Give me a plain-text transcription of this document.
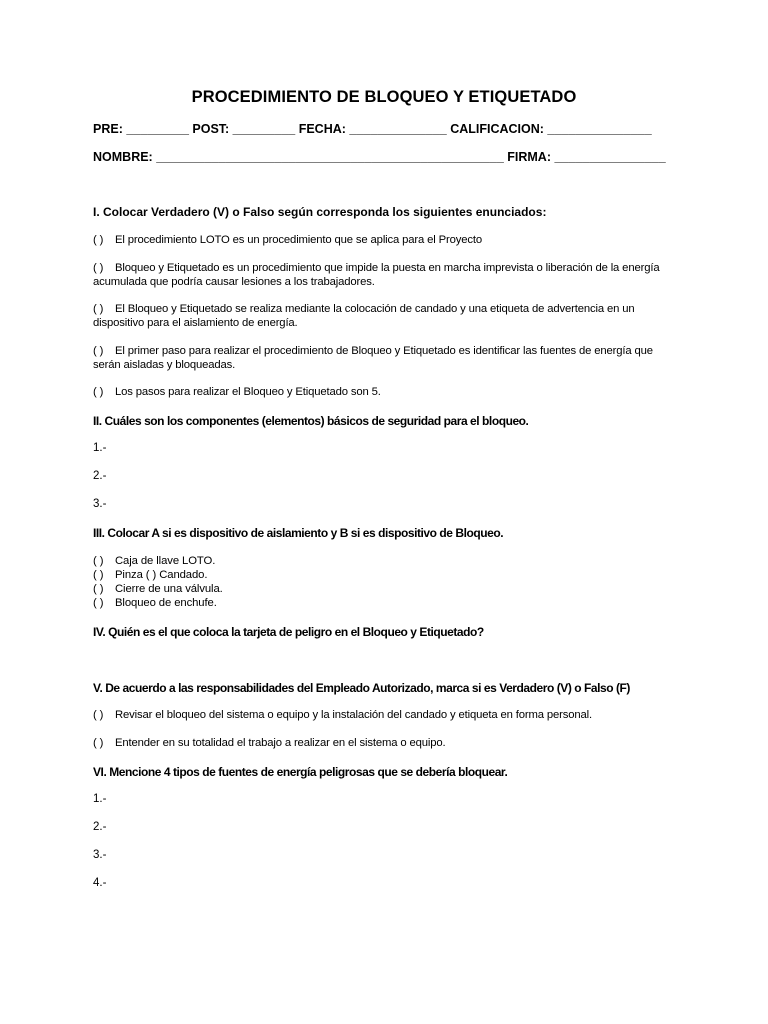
PROCEDIMIENTO DE BLOQUEO Y ETIQUETADO
PRE: _________ POST: _________ FECHA: ______________ CALIFICACION: _______________
NOMBRE: __________________________________________________ FIRMA: ________________
I. Colocar Verdadero (V) o Falso según corresponda los siguientes enunciados:
( ) El procedimiento LOTO es un procedimiento que se aplica para el Proyecto
( ) Bloqueo y Etiquetado es un procedimiento que impide la puesta en marcha imprevista o liberación de la energía
acumulada que podría causar lesiones a los trabajadores.
( ) El Bloqueo y Etiquetado se realiza mediante la colocación de candado y una etiqueta de advertencia en un
dispositivo para el aislamiento de energía.
( ) El primer paso para realizar el procedimiento de Bloqueo y Etiquetado es identificar las fuentes de energía que
serán aisladas y bloqueadas.
( ) Los pasos para realizar el Bloqueo y Etiquetado son 5.
II. Cuáles son los componentes (elementos) básicos de seguridad para el bloqueo.
1.-
2.-
3.-
III. Colocar A si es dispositivo de aislamiento y B si es dispositivo de Bloqueo.
( ) Caja de llave LOTO.
( ) Pinza ( ) Candado.
( ) Cierre de una válvula.
( ) Bloqueo de enchufe.
IV. Quién es el que coloca la tarjeta de peligro en el Bloqueo y Etiquetado?
V. De acuerdo a las responsabilidades del Empleado Autorizado, marca si es Verdadero (V) o Falso (F)
( ) Revisar el bloqueo del sistema o equipo y la instalación del candado y etiqueta en forma personal.
( ) Entender en su totalidad el trabajo a realizar en el sistema o equipo.
VI. Mencione 4 tipos de fuentes de energía peligrosas que se debería bloquear.
1.-
2.-
3.-
4.-
